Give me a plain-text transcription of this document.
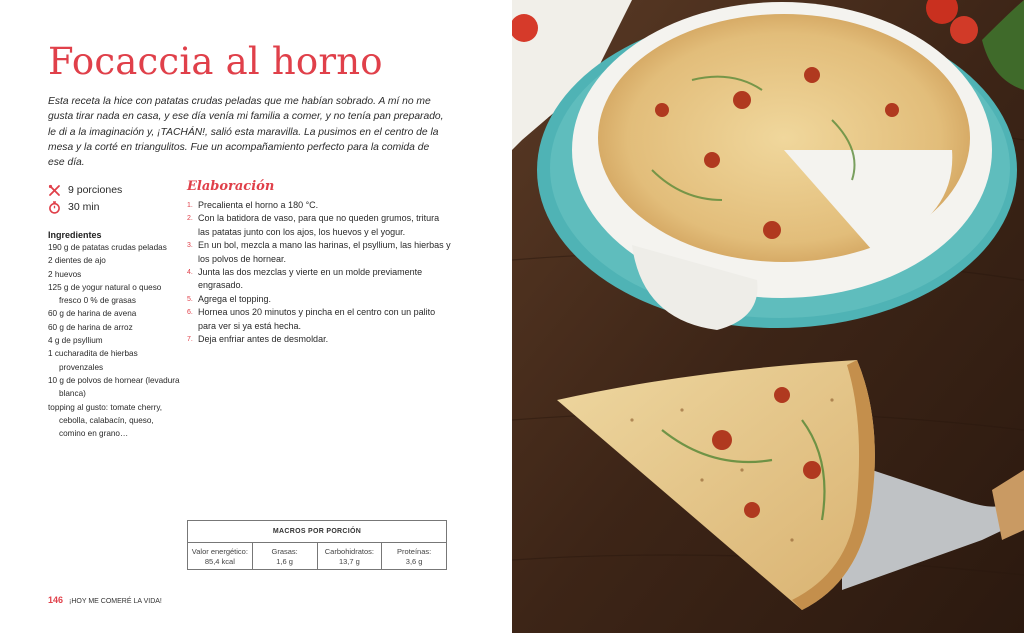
Focaccia al horno
Esta receta la hice con patatas crudas peladas que me habían sobrado. A mí no me gusta tirar nada en casa, y ese día venía mi familia a comer, y no tenía pan preparado, le di a la imaginación y, ¡TACHÁN!, salió esta maravilla. La pusimos en el centro de la mesa y la corté en triangulitos. Fue un acompañamiento perfecto para la comida de ese día.
9 porciones
30 min
Ingredientes
190 g de patatas crudas peladas
2 dientes de ajo
2 huevos
125 g de yogur natural o queso fresco 0 % de grasas
60 g de harina de avena
60 g de harina de arroz
4 g de psyllium
1 cucharadita de hierbas provenzales
10 g de polvos de hornear (levadura blanca)
topping al gusto: tomate cherry, cebolla, calabacín, queso, comino en grano…
Elaboración
1. Precalienta el horno a 180 °C.
2. Con la batidora de vaso, para que no queden grumos, tritura las patatas junto con los ajos, los huevos y el yogur.
3. En un bol, mezcla a mano las harinas, el psyllium, las hierbas y los polvos de hornear.
4. Junta las dos mezclas y vierte en un molde previamente engrasado.
5. Agrega el topping.
6. Hornea unos 20 minutos y pincha en el centro con un palito para ver si ya está hecha.
7. Deja enfriar antes de desmoldar.
MACROS POR PORCIÓN
Valor energético:
85,4 kcal
Grasas:
1,6 g
Carbohidratos:
13,7 g
Proteínas:
3,6 g
146 ¡HOY ME COMERÉ LA VIDA!
